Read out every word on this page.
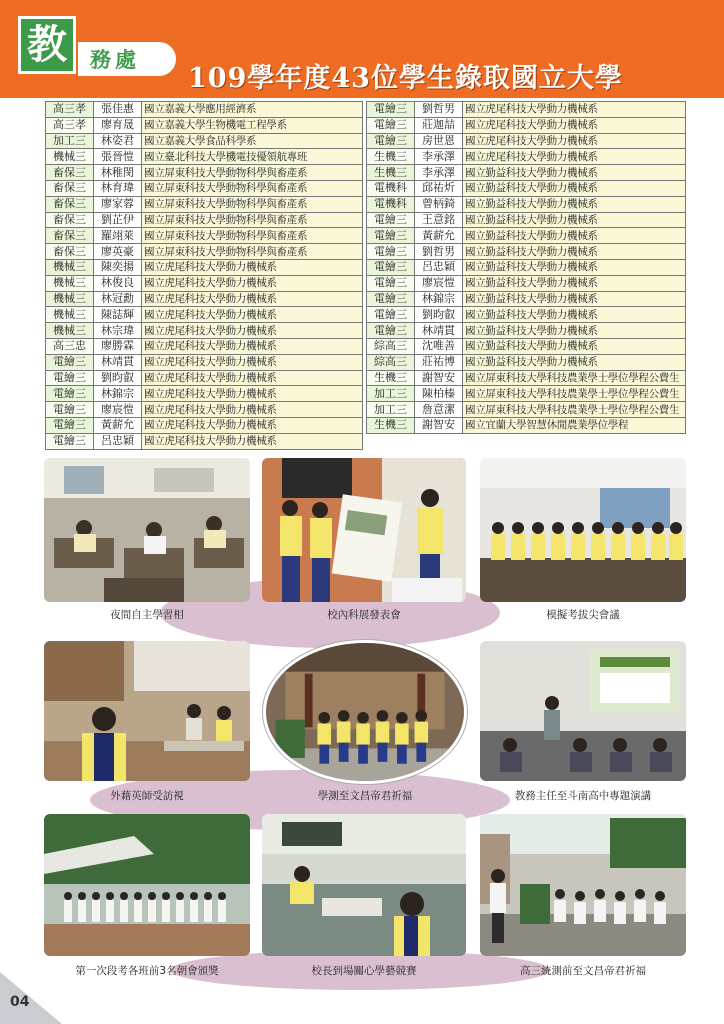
教 務處
109學年度43位學生錄取國立大學
高三孝	張佳惠	國立嘉義大學應用經濟系
高三孝	廖育晟	國立嘉義大學生物機電工程學系
加工三	林姿君	國立嘉義大學食品科學系
機械三	張晉愷	國立臺北科技大學機電技優領航專班
畜保三	林稚閔	國立屏東科技大學動物科學與畜產系
畜保三	林育瑋	國立屏東科技大學動物科學與畜產系
畜保三	廖家蓉	國立屏東科技大學動物科學與畜產系
畜保三	劉芷伊	國立屏東科技大學動物科學與畜產系
畜保三	羅翊萊	國立屏東科技大學動物科學與畜產系
畜保三	廖英豪	國立屏東科技大學動物科學與畜產系
機械三	陳奕揚	國立虎尾科技大學動力機械系
機械三	林俊良	國立虎尾科技大學動力機械系
機械三	林冠勳	國立虎尾科技大學動力機械系
機械三	陳誌輝	國立虎尾科技大學動力機械系
機械三	林宗瑋	國立虎尾科技大學動力機械系
高三忠	廖勝霖	國立虎尾科技大學動力機械系
電繪三	林靖貫	國立虎尾科技大學動力機械系
電繪三	劉昀叡	國立虎尾科技大學動力機械系
電繪三	林錦宗	國立虎尾科技大學動力機械系
電繪三	廖宸愷	國立虎尾科技大學動力機械系
電繪三	黃薪允	國立虎尾科技大學動力機械系
電繪三	呂忠穎	國立虎尾科技大學動力機械系
電繪三	劉哲男	國立虎尾科技大學動力機械系
電繪三	莊迦喆	國立虎尾科技大學動力機械系
電繪三	房世恩	國立虎尾科技大學動力機械系
生機三	李承澤	國立虎尾科技大學動力機械系
生機三	李承澤	國立勤益科技大學動力機械系
電機科	邱祐炘	國立勤益科技大學動力機械系
電機科	曾柄錡	國立勤益科技大學動力機械系
電繪三	王意銘	國立勤益科技大學動力機械系
電繪三	黃薪允	國立勤益科技大學動力機械系
電繪三	劉哲男	國立勤益科技大學動力機械系
電繪三	呂忠穎	國立勤益科技大學動力機械系
電繪三	廖宸愷	國立勤益科技大學動力機械系
電繪三	林錦宗	國立勤益科技大學動力機械系
電繪三	劉昀叡	國立勤益科技大學動力機械系
電繪三	林靖貫	國立勤益科技大學動力機械系
綜高三	沈唯善	國立勤益科技大學動力機械系
綜高三	莊祐博	國立勤益科技大學動力機械系
生機三	謝智安	國立屏東科技大學科技農業學士學位學程公費生
加工三	陳柏榛	國立屏東科技大學科技農業學士學位學程公費生
加工三	詹意潔	國立屏東科技大學科技農業學士學位學程公費生
生機三	謝智安	國立宜蘭大學智慧休閒農業學位學程
夜間自主學習相	校內科展發表會	模擬考拔尖會議
外藉英師受訪視	學測至文昌帝君祈福	教務主任至斗南高中專題演講
第一次段考各班前3名朝會頒獎	校長到場關心學藝競賽	高三統測前至文昌帝君祈福
04
